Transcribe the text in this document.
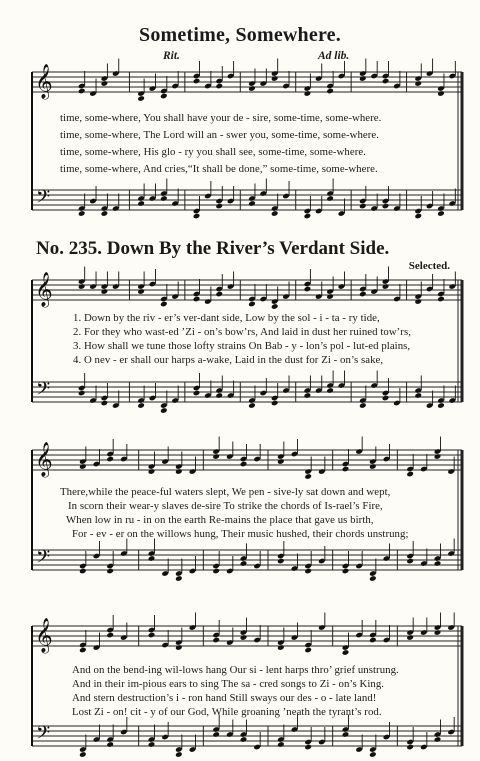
𝄞
𝄢
𝄞
𝄢
𝄞
𝄢
𝄞
𝄢
Sometime, Somewhere.
Rit.	Ad lib.
time, some-where, You shall have your de - sire, some-time, some-where.
time, some-where, The Lord will an - swer you, some-time, some-where.
time, some-where, His glo - ry you shall see, some-time, some-where.
time, some-where, And cries,“It shall be done,” some-time, some-where.
No. 235. Down By the River’s Verdant Side.
Selected.
1. Down by the riv - er’s ver-dant side, Low by the sol - i - ta - ry tide,
2. For they who wast-ed ’Zi - on’s bow’rs, And laid in dust her ruined tow’rs,
3. How shall we tune those lofty strains On Bab - y - lon’s pol - lut-ed plains,
4. O nev - er shall our harps a-wake, Laid in the dust for Zi - on’s sake,
There,while the peace-ful waters slept, We pen - sive-ly sat down and wept,
In scorn their wear-y slaves de-sire To strike the chords of Is-rael’s Fire,
When low in ru - in on the earth Re-mains the place that gave us birth,
For - ev - er on the willows hung, Their music hushed, their chords unstrung;
And on the bend-ing wil-lows hang Our si - lent harps thro’ grief unstrung.
And in their im-pious ears to sing The sa - cred songs to Zi - on’s King.
And stern destruction’s i - ron hand Still sways our des - o - late land!
Lost Zi - on! cit - y of our God, While groaning ’neath the tyrant’s rod.
